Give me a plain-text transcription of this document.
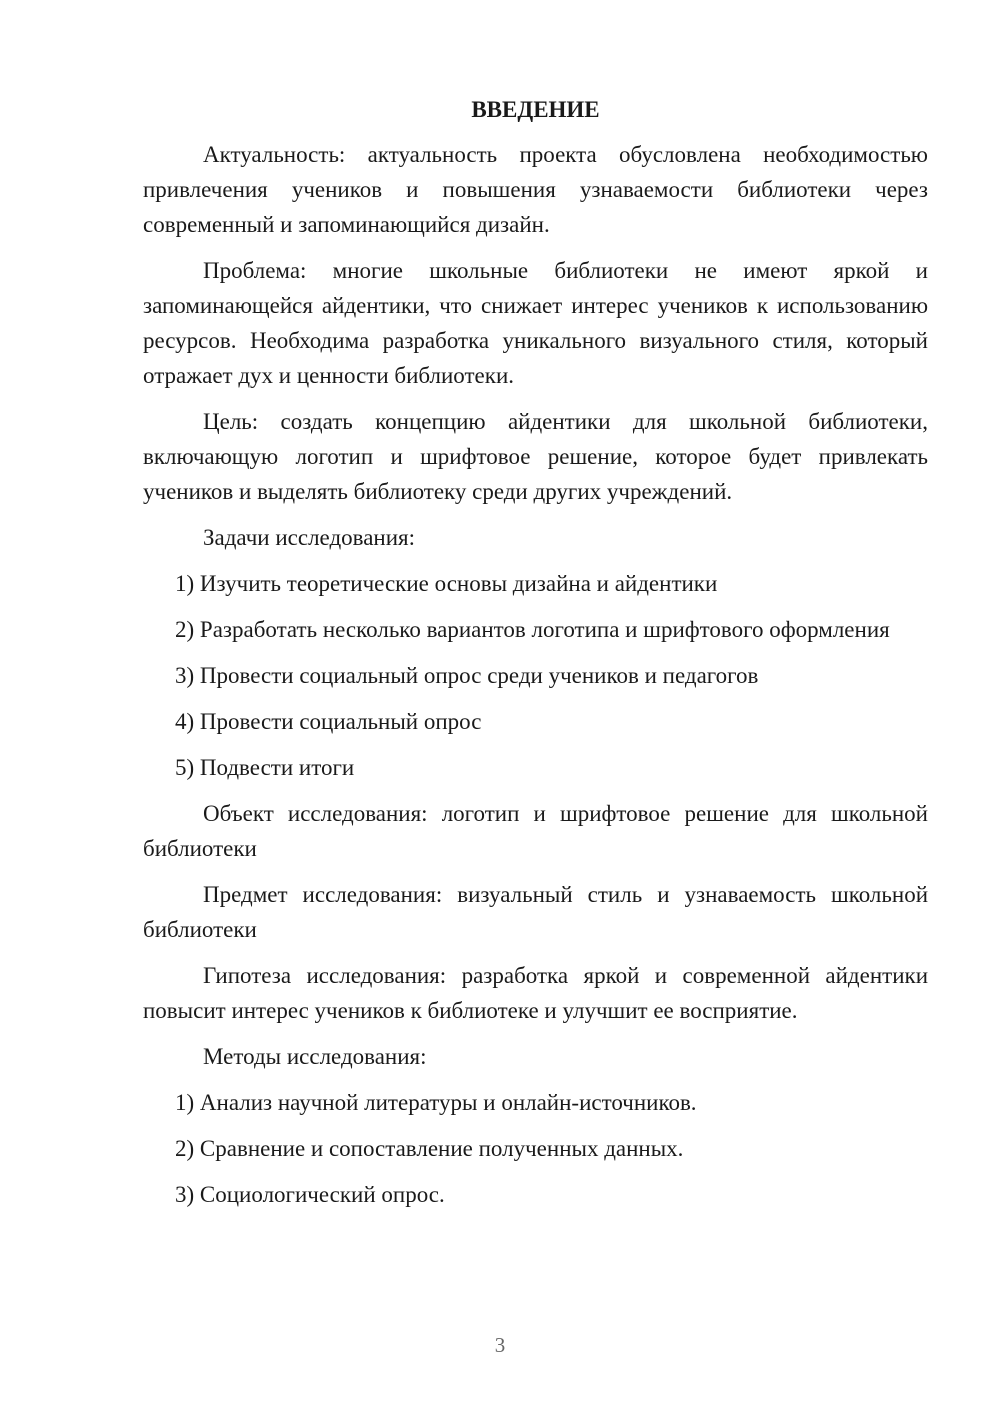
ВВЕДЕНИЕ
Актуальность: актуальность проекта обусловлена необходимостью привлечения учеников и повышения узнаваемости библиотеки через современный и запоминающийся дизайн.
Проблема: многие школьные библиотеки не имеют яркой и запоминающейся айдентики, что снижает интерес учеников к использованию ресурсов. Необходима разработка уникального визуального стиля, который отражает дух и ценности библиотеки.
Цель: создать концепцию айдентики для школьной библиотеки, включающую логотип и шрифтовое решение, которое будет привлекать учеников и выделять библиотеку среди других учреждений.
Задачи исследования:
1) Изучить теоретические основы дизайна и айдентики
2) Разработать несколько вариантов логотипа и шрифтового оформления
3) Провести социальный опрос среди учеников и педагогов
4) Провести социальный опрос
5) Подвести итоги
Объект исследования: логотип и шрифтовое решение для школьной библиотеки
Предмет исследования: визуальный стиль и узнаваемость школьной библиотеки
Гипотеза исследования: разработка яркой и современной айдентики повысит интерес учеников к библиотеке и улучшит ее восприятие.
Методы исследования:
1) Анализ научной литературы и онлайн-источников.
2) Сравнение и сопоставление полученных данных.
3) Социологический опрос.
3
